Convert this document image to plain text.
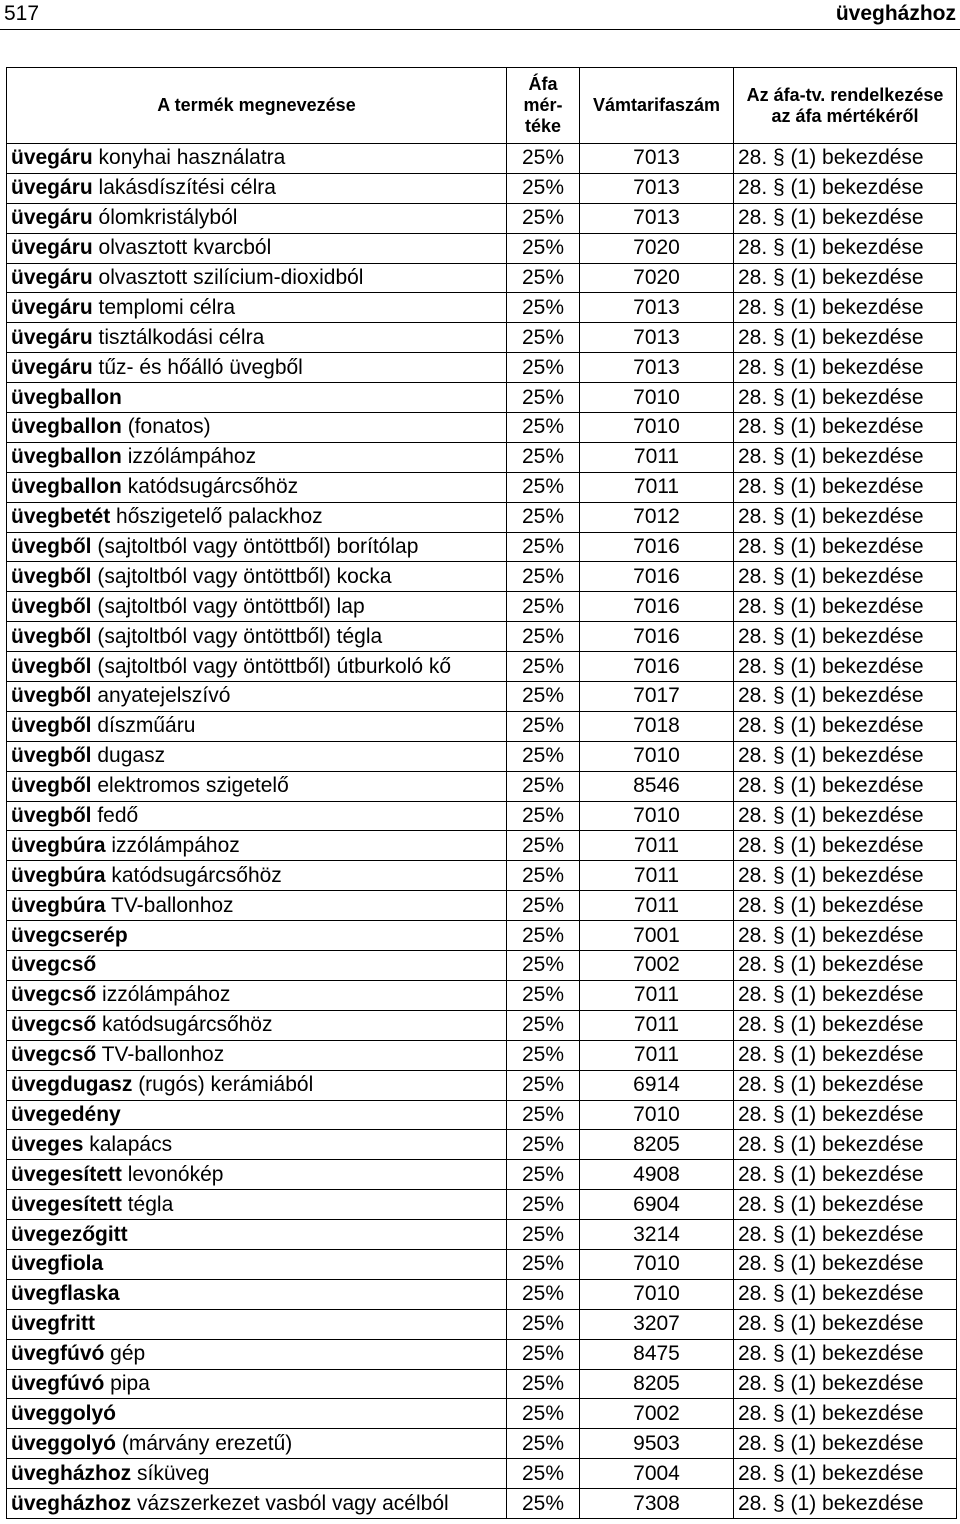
517	üvegházhoz
A termék megnevezése	Áfa mér-téke	Vámtarifaszám	Az áfa-tv. rendelkezése az áfa mértékéről
üvegáru konyhai használatra	25%	7013	28. § (1) bekezdése
üvegáru lakásdíszítési célra	25%	7013	28. § (1) bekezdése
üvegáru ólomkristályból	25%	7013	28. § (1) bekezdése
üvegáru olvasztott kvarcból	25%	7020	28. § (1) bekezdése
üvegáru olvasztott szilícium-dioxidból	25%	7020	28. § (1) bekezdése
üvegáru templomi célra	25%	7013	28. § (1) bekezdése
üvegáru tisztálkodási célra	25%	7013	28. § (1) bekezdése
üvegáru tűz- és hőálló üvegből	25%	7013	28. § (1) bekezdése
üvegballon	25%	7010	28. § (1) bekezdése
üvegballon (fonatos)	25%	7010	28. § (1) bekezdése
üvegballon izzólámpához	25%	7011	28. § (1) bekezdése
üvegballon katódsugárcsőhöz	25%	7011	28. § (1) bekezdése
üvegbetét hőszigetelő palackhoz	25%	7012	28. § (1) bekezdése
üvegből (sajtoltból vagy öntöttből) borítólap	25%	7016	28. § (1) bekezdése
üvegből (sajtoltból vagy öntöttből) kocka	25%	7016	28. § (1) bekezdése
üvegből (sajtoltból vagy öntöttből) lap	25%	7016	28. § (1) bekezdése
üvegből (sajtoltból vagy öntöttből) tégla	25%	7016	28. § (1) bekezdése
üvegből (sajtoltból vagy öntöttből) útburkoló kő	25%	7016	28. § (1) bekezdése
üvegből anyatejelszívó	25%	7017	28. § (1) bekezdése
üvegből díszműáru	25%	7018	28. § (1) bekezdése
üvegből dugasz	25%	7010	28. § (1) bekezdése
üvegből elektromos szigetelő	25%	8546	28. § (1) bekezdése
üvegből fedő	25%	7010	28. § (1) bekezdése
üvegbúra izzólámpához	25%	7011	28. § (1) bekezdése
üvegbúra katódsugárcsőhöz	25%	7011	28. § (1) bekezdése
üvegbúra TV-ballonhoz	25%	7011	28. § (1) bekezdése
üvegcserép	25%	7001	28. § (1) bekezdése
üvegcső	25%	7002	28. § (1) bekezdése
üvegcső izzólámpához	25%	7011	28. § (1) bekezdése
üvegcső katódsugárcsőhöz	25%	7011	28. § (1) bekezdése
üvegcső TV-ballonhoz	25%	7011	28. § (1) bekezdése
üvegdugasz (rugós) kerámiából	25%	6914	28. § (1) bekezdése
üvegedény	25%	7010	28. § (1) bekezdése
üveges kalapács	25%	8205	28. § (1) bekezdése
üvegesített levonókép	25%	4908	28. § (1) bekezdése
üvegesített tégla	25%	6904	28. § (1) bekezdése
üvegezőgitt	25%	3214	28. § (1) bekezdése
üvegfiola	25%	7010	28. § (1) bekezdése
üvegflaska	25%	7010	28. § (1) bekezdése
üvegfritt	25%	3207	28. § (1) bekezdése
üvegfúvó gép	25%	8475	28. § (1) bekezdése
üvegfúvó pipa	25%	8205	28. § (1) bekezdése
üveggolyó	25%	7002	28. § (1) bekezdése
üveggolyó (márvány erezetű)	25%	9503	28. § (1) bekezdése
üvegházhoz síküveg	25%	7004	28. § (1) bekezdése
üvegházhoz vázszerkezet vasból vagy acélból	25%	7308	28. § (1) bekezdése
